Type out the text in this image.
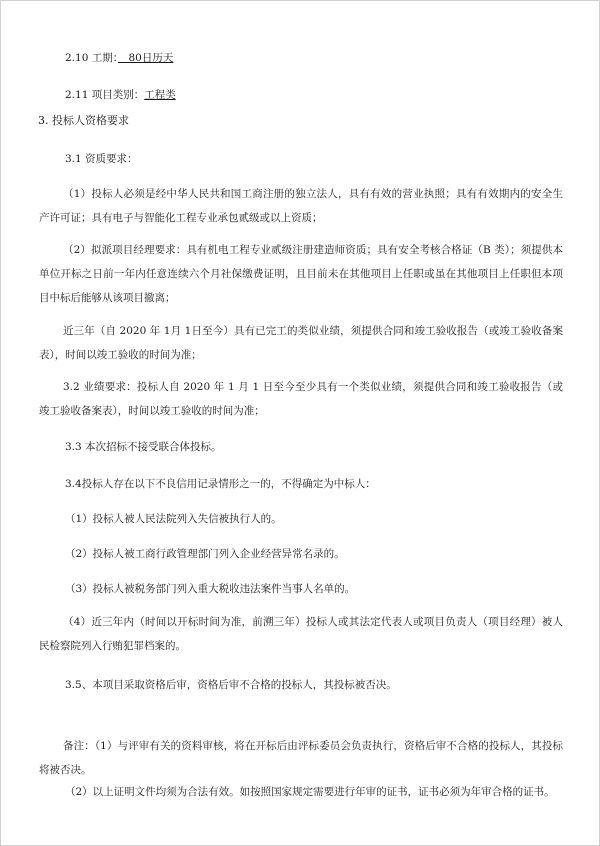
2.10 工期：　80日历天
2.11 项目类别：工程类
3. 投标人资格要求
3.1 资质要求：
（1）投标人必须是经中华人民共和国工商注册的独立法人，具有有效的营业执照；具有有效期内的安全生产许可证；具有电子与智能化工程专业承包贰级或以上资质；
（2）拟派项目经理要求：具有机电工程专业贰级注册建造师资质；具有安全考核合格证（B 类）；须提供本单位开标之日前一年内任意连续六个月社保缴费证明，且目前未在其他项目上任职或虽在其他项目上任职但本项目中标后能够从该项目撤离；
近三年（自 2020 年 1月 1日至今）具有已完工的类似业绩，须提供合同和竣工验收报告（或竣工验收备案表），时间以竣工验收的时间为准；
3.2 业绩要求：投标人自 2020 年 1 月 1 日至今至少具有一个类似业绩，须提供合同和竣工验收报告（或竣工验收备案表），时间以竣工验收的时间为准；
3.3 本次招标不接受联合体投标。
3.4投标人存在以下不良信用记录情形之一的，不得确定为中标人：
（1）投标人被人民法院列入失信被执行人的。
（2）投标人被工商行政管理部门列入企业经营异常名录的。
（3）投标人被税务部门列入重大税收违法案件当事人名单的。
（4）近三年内（时间以开标时间为准，前溯三年）投标人或其法定代表人或项目负责人（项目经理）被人民检察院列入行贿犯罪档案的。
3.5、本项目采取资格后审，资格后审不合格的投标人，其投标被否决。
备注：（1）与评审有关的资料审核，将在开标后由评标委员会负责执行，资格后审不合格的投标人，其投标将被否决。
（2）以上证明文件均须为合法有效。如按照国家规定需要进行年审的证书，证书必须为年审合格的证书。
